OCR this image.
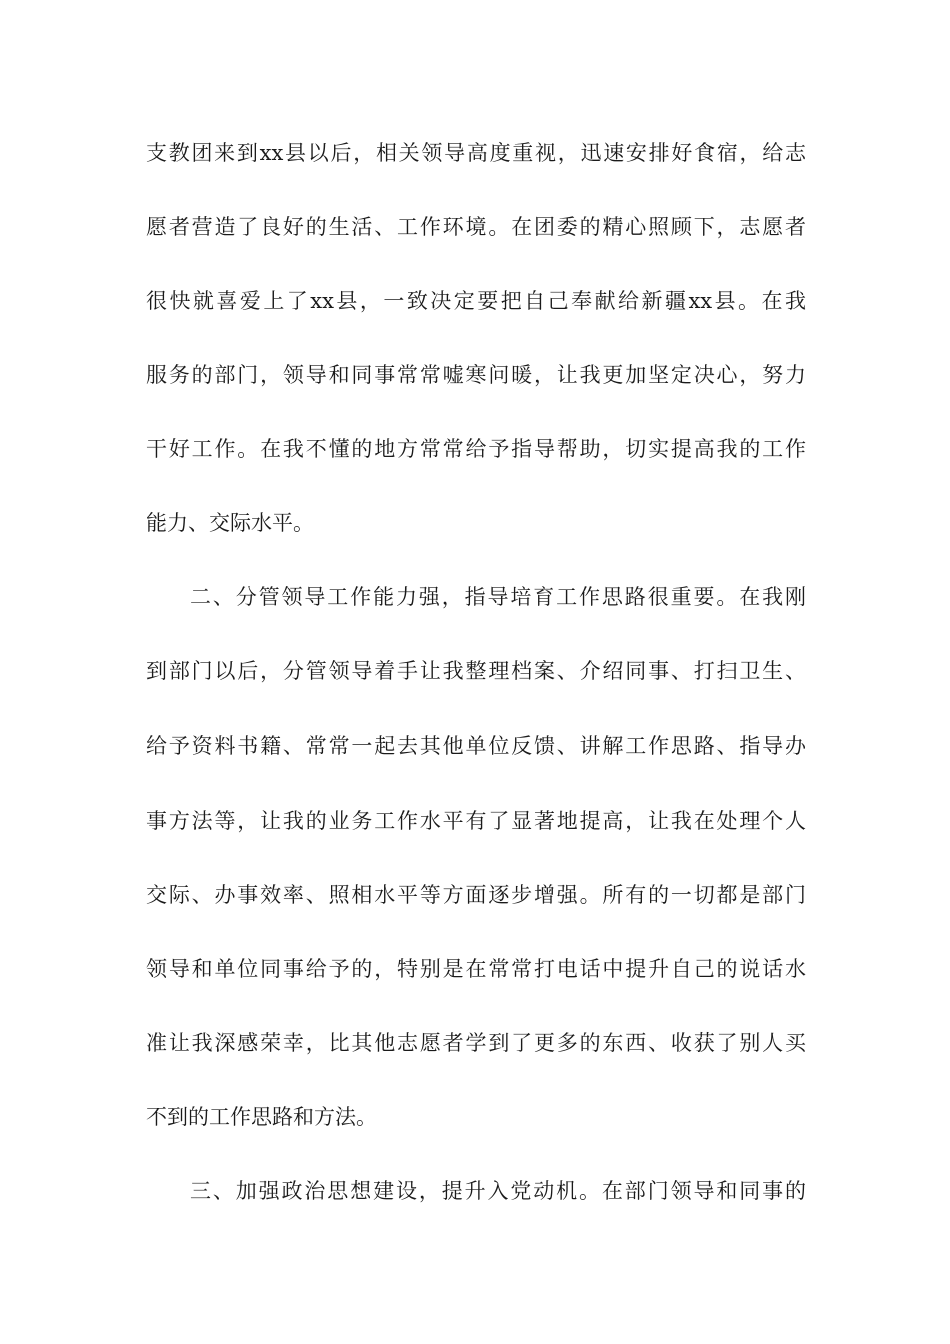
支教团来到xx县以后，相关领导高度重视，迅速安排好食宿，给志
愿者营造了良好的生活、工作环境。在团委的精心照顾下，志愿者
很快就喜爱上了xx县，一致决定要把自己奉献给新疆xx县。在我
服务的部门，领导和同事常常嘘寒问暖，让我更加坚定决心，努力
干好工作。在我不懂的地方常常给予指导帮助，切实提高我的工作
能力、交际水平。
二、分管领导工作能力强，指导培育工作思路很重要。在我刚
到部门以后，分管领导着手让我整理档案、介绍同事、打扫卫生、
给予资料书籍、常常一起去其他单位反馈、讲解工作思路、指导办
事方法等，让我的业务工作水平有了显著地提高，让我在处理个人
交际、办事效率、照相水平等方面逐步增强。所有的一切都是部门
领导和单位同事给予的，特别是在常常打电话中提升自己的说话水
准让我深感荣幸，比其他志愿者学到了更多的东西、收获了别人买
不到的工作思路和方法。
三、加强政治思想建设，提升入党动机。在部门领导和同事的
